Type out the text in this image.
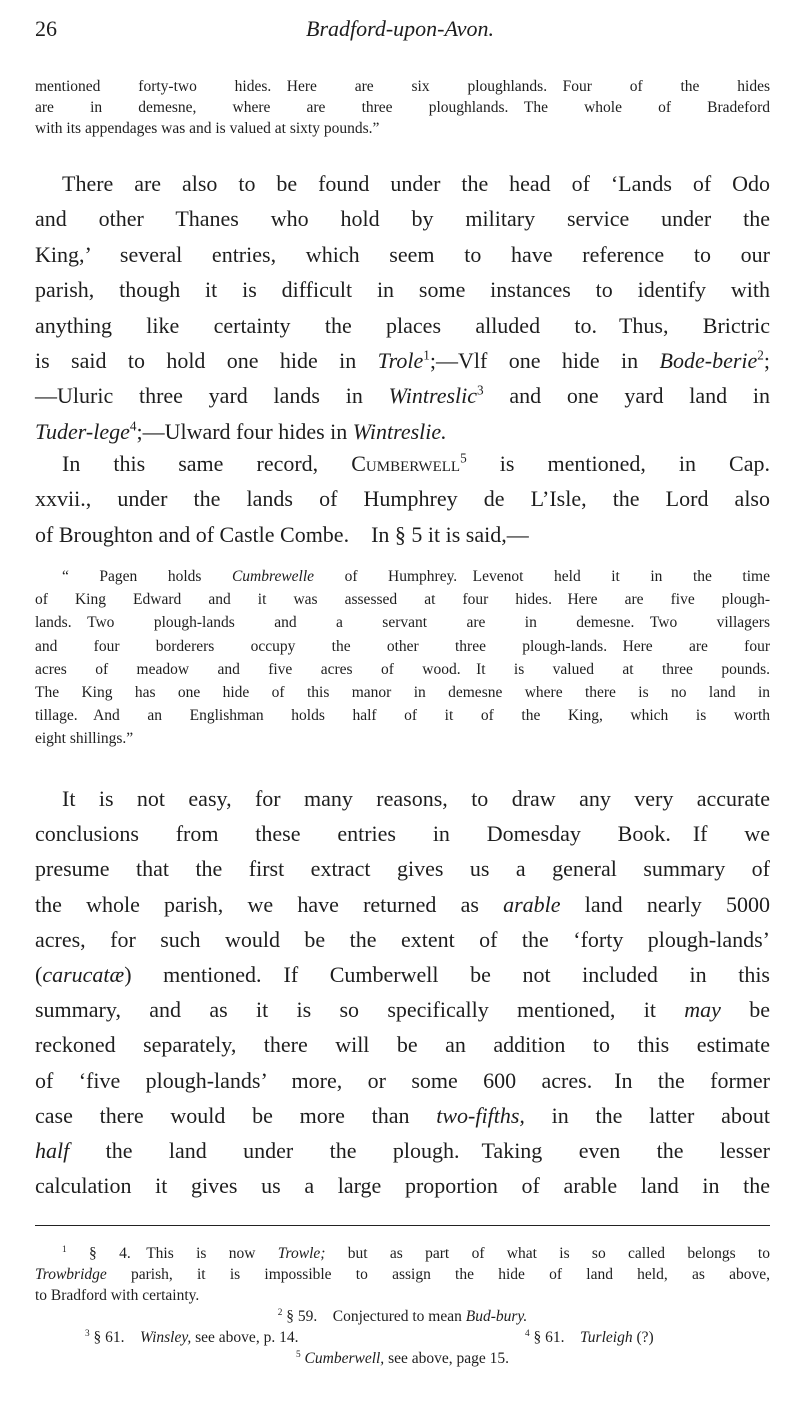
26	Bradford-upon-Avon.
mentioned forty-two hides. Here are six ploughlands. Four of the hides
are in demesne, where are three ploughlands. The whole of Bradeford
with its appendages was and is valued at sixty pounds.”
There are also to be found under the head of ‘Lands of Odo
and other Thanes who hold by military service under the
King,’ several entries, which seem to have reference to our
parish, though it is difficult in some instances to identify with
anything like certainty the places alluded to. Thus, Brictric
is said to hold one hide in Trole$^1$;—Vlf one hide in Bode-berie$^2$;
—Uluric three yard lands in Wintreslic$^3$ and one yard land in
Tuder-lege$^4$;—Ulward four hides in Wintreslie.
In this same record, Cumberwell$^5$ is mentioned, in Cap.
xxvii., under the lands of Humphrey de L’Isle, the Lord also
of Broughton and of Castle Combe. In § 5 it is said,—
“ Pagen holds Cumbrewelle of Humphrey. Levenot held it in the time
of King Edward and it was assessed at four hides. Here are five plough-
lands. Two plough-lands and a servant are in demesne. Two villagers
and four borderers occupy the other three plough-lands. Here are four
acres of meadow and five acres of wood. It is valued at three pounds.
The King has one hide of this manor in demesne where there is no land in
tillage. And an Englishman holds half of it of the King, which is worth
eight shillings.”
It is not easy, for many reasons, to draw any very accurate
conclusions from these entries in Domesday Book. If we
presume that the first extract gives us a general summary of
the whole parish, we have returned as arable land nearly 5000
acres, for such would be the extent of the ‘forty plough-lands’
(carucatæ) mentioned. If Cumberwell be not included in this
summary, and as it is so specifically mentioned, it may be
reckoned separately, there will be an addition to this estimate
of ‘five plough-lands’ more, or some 600 acres. In the former
case there would be more than two-fifths, in the latter about
half the land under the plough. Taking even the lesser
calculation it gives us a large proportion of arable land in the
$^1$ § 4. This is now Trowle; but as part of what is so called belongs to
Trowbridge parish, it is impossible to assign the hide of land held, as above,
to Bradford with certainty.
$^2$ § 59. Conjectured to mean Bud-bury.
$^3$ § 61. Winsley, see above, p. 14.	$^4$ § 61. Turleigh (?)
$^5$ Cumberwell, see above, page 15.
